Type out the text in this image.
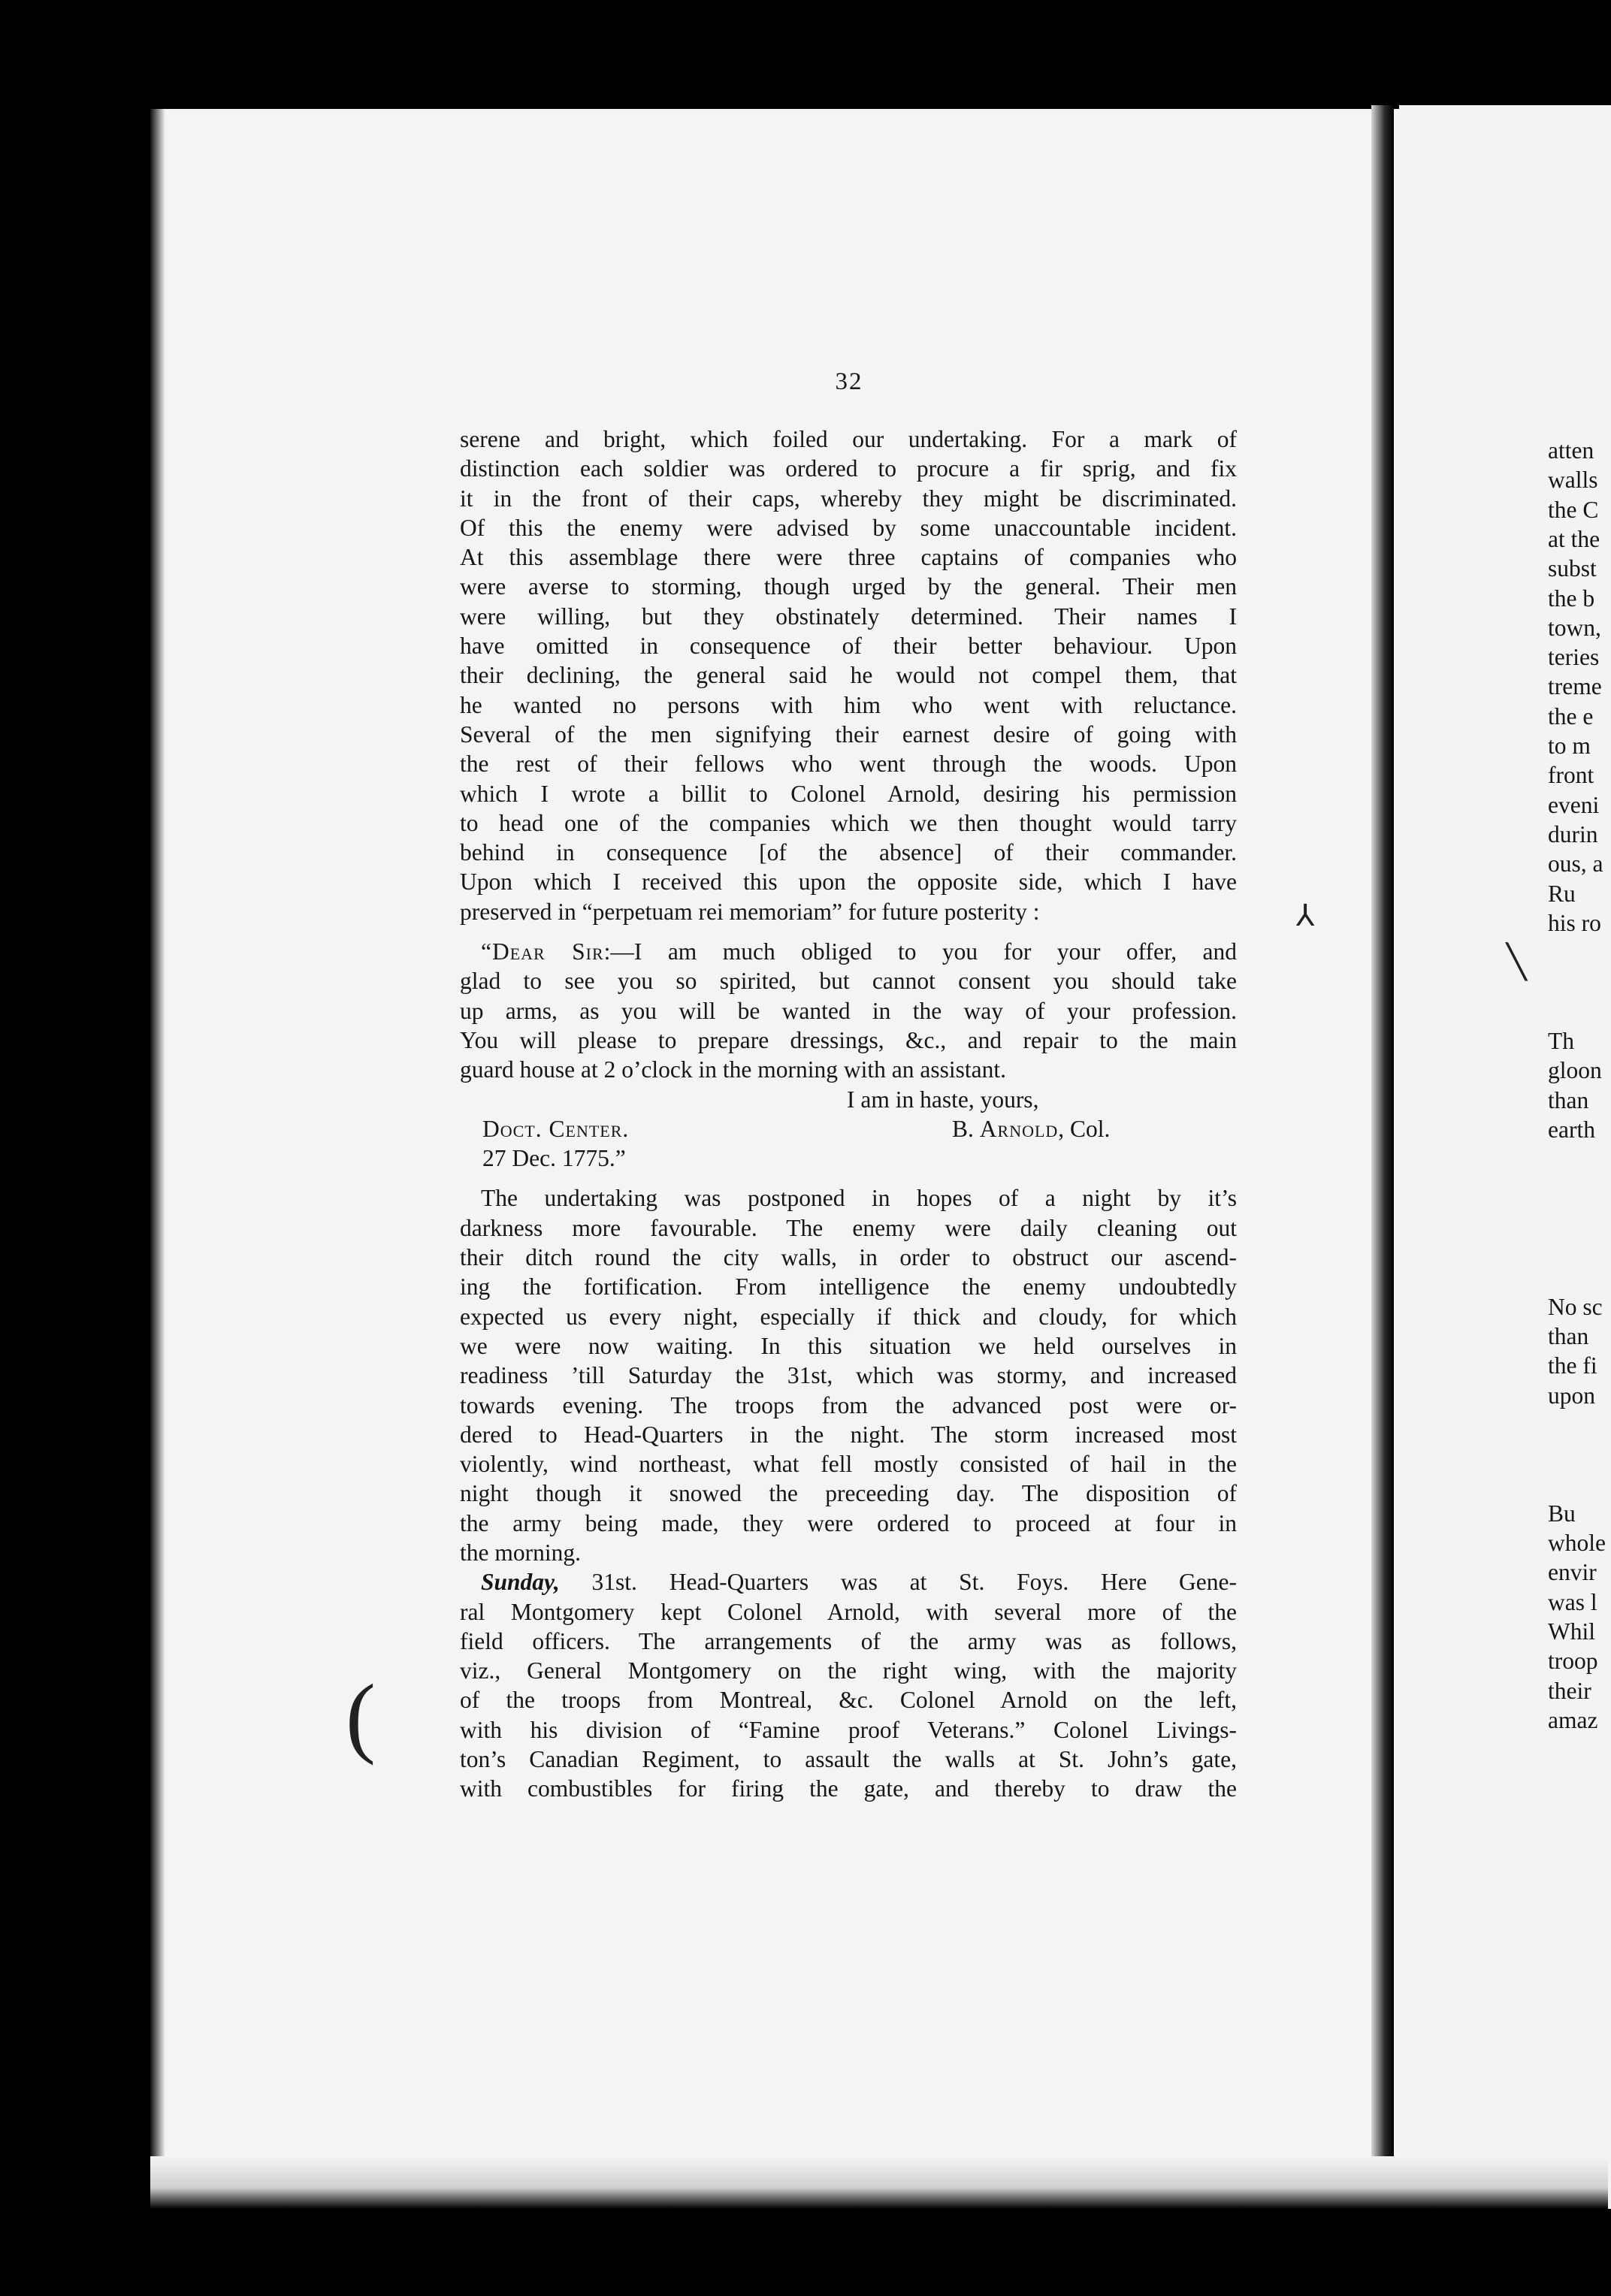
atten
walls
the C
at the
subst
the b
town,
teries
treme
the e
to m
front
eveni
durin
ous, a
Ru
his ro
Th
gloon
than
earth
No sc
than
the fi
upon
Bu
whole
envir
was l
Whil
troop
their
amaz
32
serene and bright, which foiled our undertaking. For a mark of
distinction each soldier was ordered to procure a fir sprig, and fix
it in the front of their caps, whereby they might be discriminated.
Of this the enemy were advised by some unaccountable incident.
At this assemblage there were three captains of companies who
were averse to storming, though urged by the general. Their men
were willing, but they obstinately determined. Their names I
have omitted in consequence of their better behaviour. Upon
their declining, the general said he would not compel them, that
he wanted no persons with him who went with reluctance.
Several of the men signifying their earnest desire of going with
the rest of their fellows who went through the woods. Upon
which I wrote a billit to Colonel Arnold, desiring his permission
to head one of the companies which we then thought would tarry
behind in consequence [of the absence] of their commander.
Upon which I received this upon the opposite side, which I have
preserved in “perpetuam rei memoriam” for future posterity :
“Dear Sir:—I am much obliged to you for your offer, and
glad to see you so spirited, but cannot consent you should take
up arms, as you will be wanted in the way of your profession.
You will please to prepare dressings, &c., and repair to the main
guard house at 2 o’clock in the morning with an assistant.
I am in haste, yours,
Doct. Center.	B. Arnold, Col.
27 Dec. 1775.”
The undertaking was postponed in hopes of a night by it’s
darkness more favourable. The enemy were daily cleaning out
their ditch round the city walls, in order to obstruct our ascend-
ing the fortification. From intelligence the enemy undoubtedly
expected us every night, especially if thick and cloudy, for which
we were now waiting. In this situation we held ourselves in
readiness ’till Saturday the 31st, which was stormy, and increased
towards evening. The troops from the advanced post were or-
dered to Head-Quarters in the night. The storm increased most
violently, wind northeast, what fell mostly consisted of hail in the
night though it snowed the preceeding day. The disposition of
the army being made, they were ordered to proceed at four in
the morning.
Sunday, 31st. Head-Quarters was at St. Foys. Here Gene-
ral Montgomery kept Colonel Arnold, with several more of the
field officers. The arrangements of the army was as follows,
viz., General Montgomery on the right wing, with the majority
of the troops from Montreal, &c. Colonel Arnold on the left,
with his division of “Famine proof Veterans.” Colonel Livings-
ton’s Canadian Regiment, to assault the walls at St. John’s gate,
with combustibles for firing the gate, and thereby to draw the
⅄
(
╲
